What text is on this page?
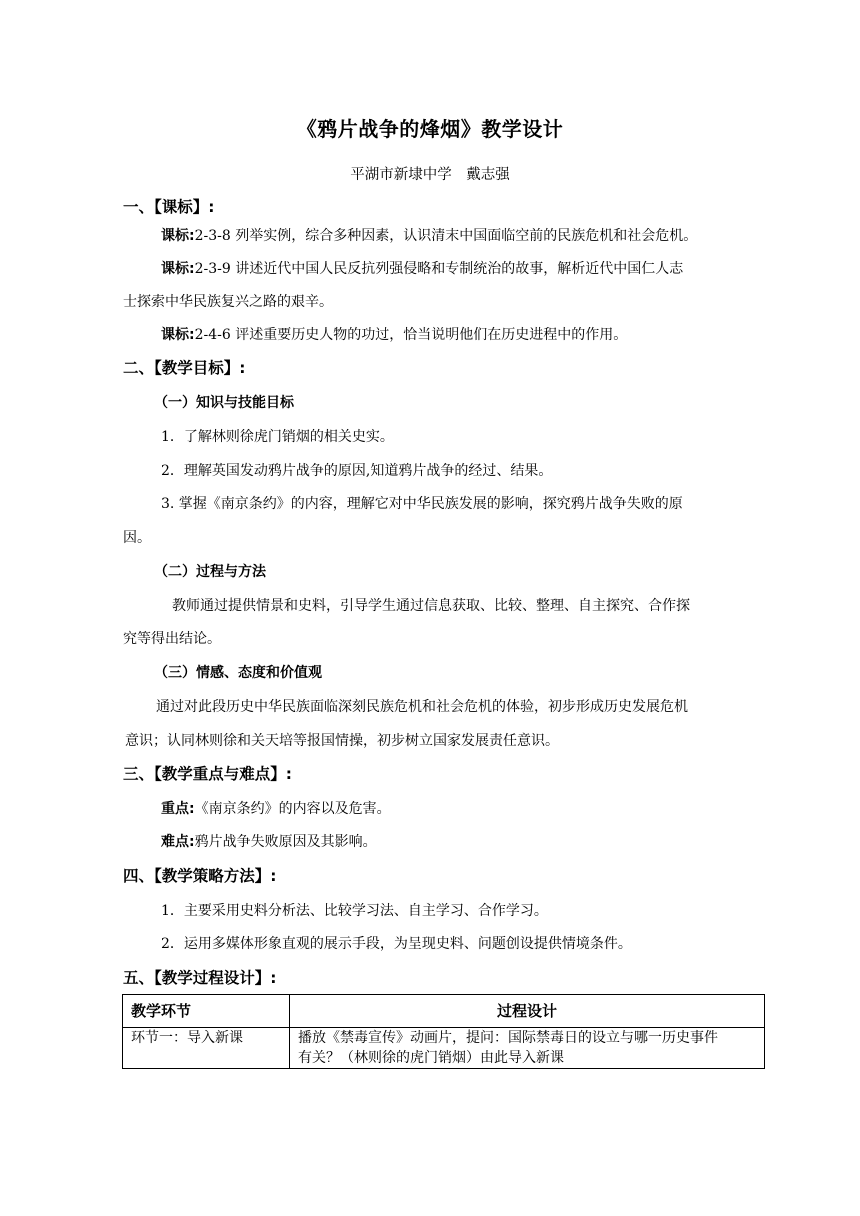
《鸦片战争的烽烟》教学设计
平湖市新埭中学　戴志强
一、【课标】:
课标:2-3-8 列举实例，综合多种因素，认识清末中国面临空前的民族危机和社会危机。
课标:2-3-9 讲述近代中国人民反抗列强侵略和专制统治的故事，解析近代中国仁人志
士探索中华民族复兴之路的艰辛。
课标:2-4-6 评述重要历史人物的功过，恰当说明他们在历史进程中的作用。
二、【教学目标】:
（一）知识与技能目标
1．了解林则徐虎门销烟的相关史实。
2．理解英国发动鸦片战争的原因,知道鸦片战争的经过、结果。
3. 掌握《南京条约》的内容，理解它对中华民族发展的影响，探究鸦片战争失败的原
因。
（二）过程与方法
教师通过提供情景和史料，引导学生通过信息获取、比较、整理、自主探究、合作探
究等得出结论。
（三）情感、态度和价值观
通过对此段历史中华民族面临深刻民族危机和社会危机的体验，初步形成历史发展危机
意识；认同林则徐和关天培等报国情操，初步树立国家发展责任意识。
三、【教学重点与难点】:
重点:《南京条约》的内容以及危害。
难点:鸦片战争失败原因及其影响。
四、【教学策略方法】:
1．主要采用史料分析法、比较学习法、自主学习、合作学习。
2．运用多媒体形象直观的展示手段，为呈现史料、问题创设提供情境条件。
五、【教学过程设计】:
教学环节	过程设计
环节一：导入新课	播放《禁毒宣传》动画片，提问：国际禁毒日的设立与哪一历史事件
有关？（林则徐的虎门销烟）由此导入新课
